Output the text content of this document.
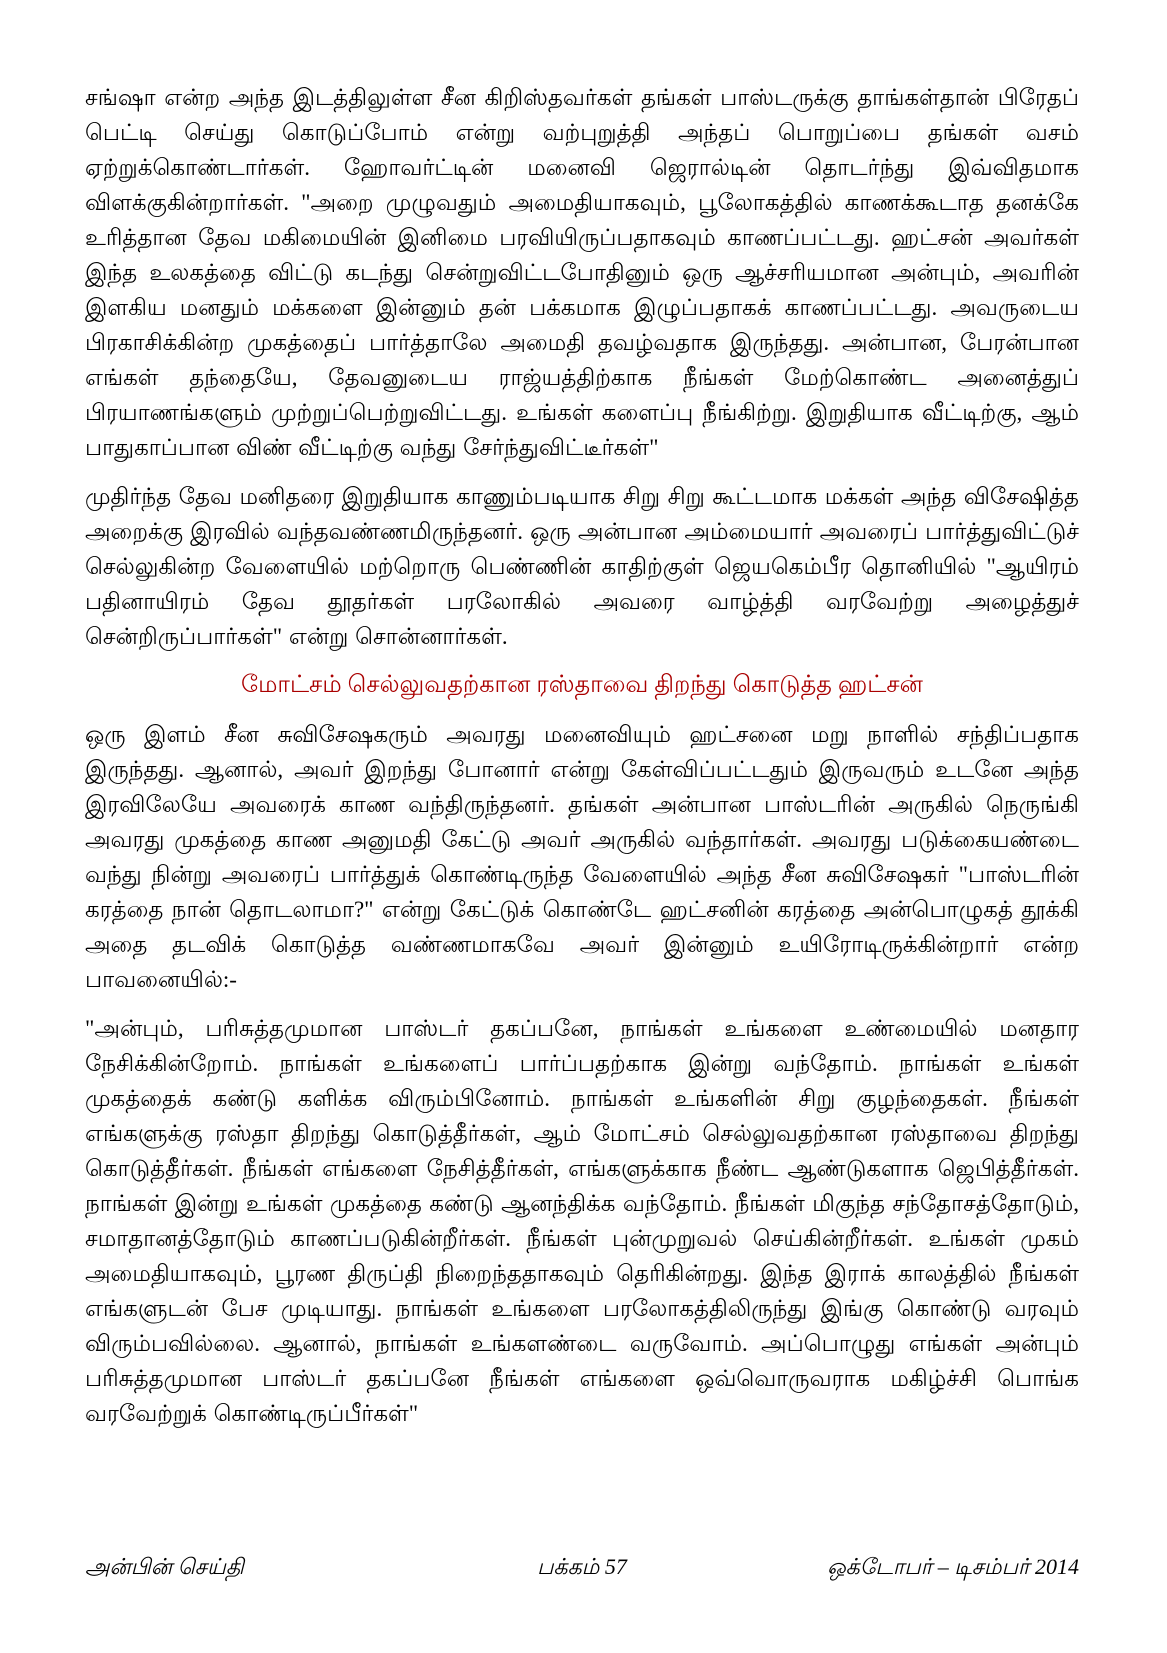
சங்ஷா என்ற அந்த இடத்திலுள்ள சீன கிறிஸ்தவர்கள் தங்கள் பாஸ்டருக்கு தாங்கள்தான் பிரேதப் பெட்டி செய்து கொடுப்போம் என்று வற்புறுத்தி அந்தப் பொறுப்பை தங்கள் வசம் ஏற்றுக்கொண்டார்கள். ஹோவர்ட்டின் மனைவி ஜெரால்டின் தொடர்ந்து இவ்விதமாக விளக்குகின்றார்கள். "அறை முழுவதும் அமைதியாகவும், பூலோகத்தில் காணக்கூடாத தனக்கே உரித்தான தேவ மகிமையின் இனிமை பரவியிருப்பதாகவும் காணப்பட்டது. ஹட்சன் அவர்கள் இந்த உலகத்தை விட்டு கடந்து சென்றுவிட்டபோதினும் ஒரு ஆச்சரியமான அன்பும், அவரின் இளகிய மனதும் மக்களை இன்னும் தன் பக்கமாக இழுப்பதாகக் காணப்பட்டது. அவருடைய பிரகாசிக்கின்ற முகத்தைப் பார்த்தாலே அமைதி தவழ்வதாக இருந்தது. அன்பான, பேரன்பான எங்கள் தந்தையே, தேவனுடைய ராஜ்யத்திற்காக நீங்கள் மேற்கொண்ட அனைத்துப் பிரயாணங்களும் முற்றுப்பெற்றுவிட்டது. உங்கள் களைப்பு நீங்கிற்று. இறுதியாக வீட்டிற்கு, ஆம் பாதுகாப்பான விண் வீட்டிற்கு வந்து சேர்ந்துவிட்டீர்கள்"

முதிர்ந்த தேவ மனிதரை இறுதியாக காணும்படியாக சிறு சிறு கூட்டமாக மக்கள் அந்த விசேஷித்த அறைக்கு இரவில் வந்தவண்ணமிருந்தனர். ஒரு அன்பான அம்மையார் அவரைப் பார்த்துவிட்டுச் செல்லுகின்ற வேளையில் மற்றொரு பெண்ணின் காதிற்குள் ஜெயகெம்பீர தொனியில் "ஆயிரம் பதினாயிரம் தேவ தூதர்கள் பரலோகில் அவரை வாழ்த்தி வரவேற்று அழைத்துச் சென்றிருப்பார்கள்" என்று சொன்னார்கள்.

மோட்சம் செல்லுவதற்கான ரஸ்தாவை திறந்து கொடுத்த ஹட்சன்

ஒரு இளம் சீன சுவிசேஷகரும் அவரது மனைவியும் ஹட்சனை மறு நாளில் சந்திப்பதாக இருந்தது. ஆனால், அவர் இறந்து போனார் என்று கேள்விப்பட்டதும் இருவரும் உடனே அந்த இரவிலேயே அவரைக் காண வந்திருந்தனர். தங்கள் அன்பான பாஸ்டரின் அருகில் நெருங்கி அவரது முகத்தை காண அனுமதி கேட்டு அவர் அருகில் வந்தார்கள். அவரது படுக்கையண்டை வந்து நின்று அவரைப் பார்த்துக் கொண்டிருந்த வேளையில் அந்த சீன சுவிசேஷகர் "பாஸ்டரின் கரத்தை நான் தொடலாமா?" என்று கேட்டுக் கொண்டே ஹட்சனின் கரத்தை அன்பொழுகத் தூக்கி அதை தடவிக் கொடுத்த வண்ணமாகவே அவர் இன்னும் உயிரோடிருக்கின்றார் என்ற பாவனையில்:-

"அன்பும், பரிசுத்தமுமான பாஸ்டர் தகப்பனே, நாங்கள் உங்களை உண்மையில் மனதார நேசிக்கின்றோம். நாங்கள் உங்களைப் பார்ப்பதற்காக இன்று வந்தோம். நாங்கள் உங்கள் முகத்தைக் கண்டு களிக்க விரும்பினோம். நாங்கள் உங்களின் சிறு குழந்தைகள். நீங்கள் எங்களுக்கு ரஸ்தா திறந்து கொடுத்தீர்கள், ஆம் மோட்சம் செல்லுவதற்கான ரஸ்தாவை திறந்து கொடுத்தீர்கள். நீங்கள் எங்களை நேசித்தீர்கள், எங்களுக்காக நீண்ட ஆண்டுகளாக ஜெபித்தீர்கள். நாங்கள் இன்று உங்கள் முகத்தை கண்டு ஆனந்திக்க வந்தோம். நீங்கள் மிகுந்த சந்தோசத்தோடும், சமாதானத்தோடும் காணப்படுகின்றீர்கள். நீங்கள் புன்முறுவல் செய்கின்றீர்கள். உங்கள் முகம் அமைதியாகவும், பூரண திருப்தி நிறைந்ததாகவும் தெரிகின்றது. இந்த இராக் காலத்தில் நீங்கள் எங்களுடன் பேச முடியாது. நாங்கள் உங்களை பரலோகத்திலிருந்து இங்கு கொண்டு வரவும் விரும்பவில்லை. ஆனால், நாங்கள் உங்களண்டை வருவோம். அப்பொழுது எங்கள் அன்பும் பரிசுத்தமுமான பாஸ்டர் தகப்பனே நீங்கள் எங்களை ஒவ்வொருவராக மகிழ்ச்சி பொங்க வரவேற்றுக் கொண்டிருப்பீர்கள்"

அன்பின் செய்தி	பக்கம் 57	ஒக்டோபர் – டிசம்பர் 2014
